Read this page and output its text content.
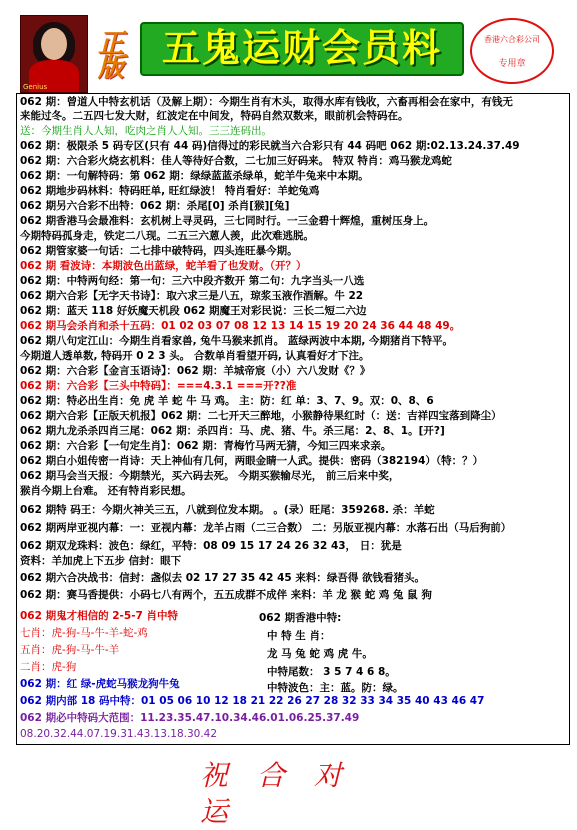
Genius
正版 五鬼运财会员料	香港六合彩公司
专用章
062 期：曾道人中特玄机话（及解上期）：今期生肖有木头，取得水库有钱收，六畜再相会在家中，有钱无
来能过冬。二五四七发大财，红波定在中间发，特码自然双数来，眼前机会特码在。
送：今期生肖人人知，吃肉之肖人人知。三三连码出。
062 期：极限杀 5 码专区(只有 44 码)信得过的彩民就当六合彩只有 44 码吧 062 期:02.13.24.37.49
062 期：六合彩火烧玄机料：佳人等待好合数，二七加三好码来。 特双 特肖：鸡马猴龙鸡蛇
062 期：一句解特码：第 062 期：绿绿蓝蓝杀绿单，蛇羊牛兔来中本期。
062 期地步码林料：特码旺单, 旺红绿波！ 特肖看好：羊蛇兔鸡
062 期另六合彩不出特：062 期：杀尾[0] 杀肖[猴][兔]
062 期香港马会最准料：玄机树上寻灵码，三七同时行。一三金碧十辉煌，重树压身上。
今期特码孤身走，铁定二八现。二五三六蒽人羡，此次难逃脱。
062 期管家婆一句话：二七排中破特码，四头连旺暴今期。
062 期 看波诗：本期波色出蓝绿，蛇羊看了也发财。（开？）
062 期：中特两句经：第一句：三六中段齐数开 第二句：九字当头一八选
062 期六合彩【无字天书诗】：取六求三是八五，琼浆玉液作酒解。牛 22
062 期：蓝天 118 好妖魔天机段 062 期魔王对彩民说：三长二短二六边
062 期马会杀肖和杀十五码：01 02 03 07 08 12 13 14 15 19 20 24 36 44 48 49。
062 期八句定江山：今期生肖看家兽, 兔牛马猴来抓肖。 蓝绿两波中本期, 今期猪肖下特平。
今期道人透单数, 特码开 0 2 3 头。 合数单肖看望开码, 认真看好才下注。
062 期：六合彩【金言玉语诗】：062 期：羊城帝宸（小）六八发财《？》
062 期：六合彩【三头中特码】：===4.3.1 ===开??准
062 期：特必出生肖：免 虎 羊 蛇 牛 马 鸡。 主：防：红 单：3、7、9。双：0、8、6
062 期六合彩【正版天机报】062 期：二七开天三醉地，小猴静待果红时（：送：吉祥四宝落到降尘）
062 期九龙杀杀四肖三尾：062 期：杀四肖：马、虎、猪、牛。杀三尾：2、8、1。[开?]
062 期：六合彩【一句定生肖】：062 期：青梅竹马两无猜，今知三四来求亲。
062 期白小姐传密一肖诗：天上神仙有几何，两眼金睛一人武。提供：密码（382194）（特：？）
062 期马会当天报：今期禁光，买六码去死。 今期买猴输尽光， 前三后来中奖，
猴肖今期上台难。 还有特肖彩民想。
062 期特 码王：今期火神关三五，八就到位发本期。 。(录）旺尾：359268. 杀：羊蛇
062 期两岸亚视内幕：一：亚视内幕：龙羊占雨（二三合数） 二：另版亚视内幕：水落石出（马后狗前）
062 期双龙珠料：波色：绿红，平特：08 09 15 17 24 26 32 43， 日：犹是
资料：羊加虎上下五步 信封：眼下
062 期六合决战书：信封：盏似去 02 17 27 35 42 45 来料：绿吾得 欲钱看猪头。
062 期：赛马香提供：小码七八有两个，五五成群不成伴 来料：羊 龙 猴 蛇 鸡 兔 鼠 狗
062 期鬼才相信的 2-5-7 肖中特
七肖：虎-狗-马-牛-羊-蛇-鸡
五肖：虎-狗-马-牛-羊
二肖：虎-狗
062 期：红 绿-虎蛇马猴龙狗牛兔
062 期内部 18 码中特：01 05 06 10 12 18 21 22 26 27 28 32 33 34 35 40 43 46 47
062 期必中特码大范围：11.23.35.47.10.34.46.01.06.25.37.49
08.20.32.44.07.19.31.43.13.18.30.42
062 期香港中特:
中 特 生 肖：
龙 马 兔 蛇 鸡 虎 牛。
中特尾数： 3 5 7 4 6 8。
中特波色：主：蓝。防：绿。
祝 合 对 运
